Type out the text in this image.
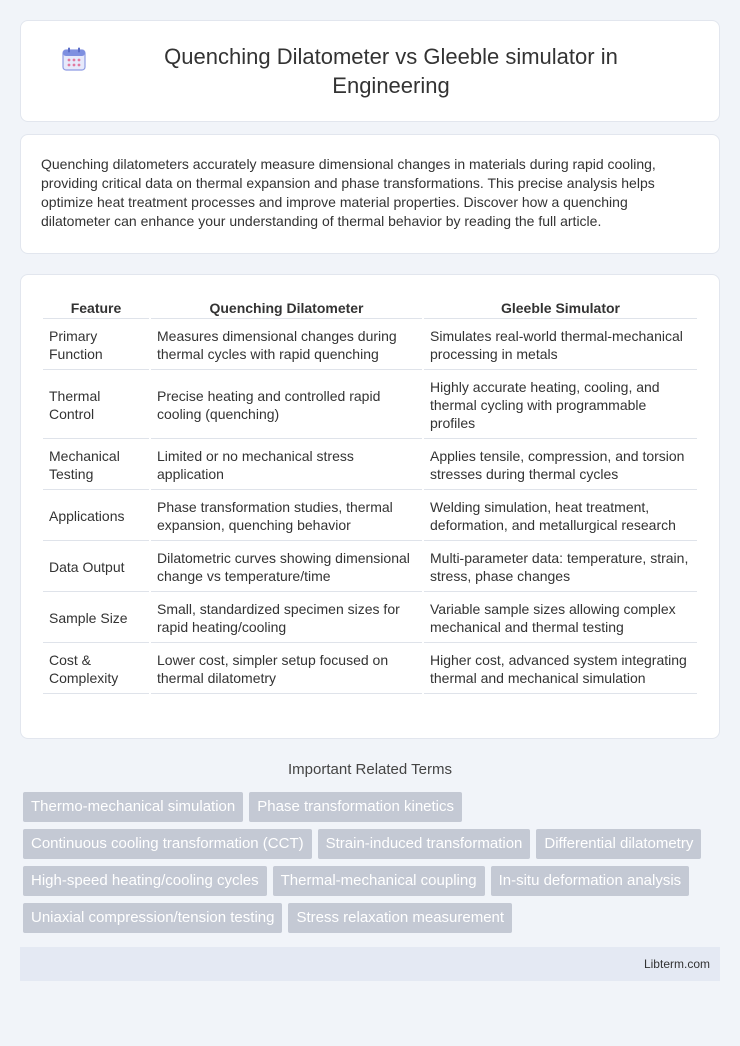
Quenching Dilatometer vs Gleeble simulator in Engineering

Quenching dilatometers accurately measure dimensional changes in materials during rapid cooling, providing critical data on thermal expansion and phase transformations. This precise analysis helps optimize heat treatment processes and improve material properties. Discover how a quenching dilatometer can enhance your understanding of thermal behavior by reading the full article.

Feature	Quenching Dilatometer	Gleeble Simulator
Primary Function	Measures dimensional changes during thermal cycles with rapid quenching	Simulates real-world thermal-mechanical processing in metals
Thermal Control	Precise heating and controlled rapid cooling (quenching)	Highly accurate heating, cooling, and thermal cycling with programmable profiles
Mechanical Testing	Limited or no mechanical stress application	Applies tensile, compression, and torsion stresses during thermal cycles
Applications	Phase transformation studies, thermal expansion, quenching behavior	Welding simulation, heat treatment, deformation, and metallurgical research
Data Output	Dilatometric curves showing dimensional change vs temperature/time	Multi-parameter data: temperature, strain, stress, phase changes
Sample Size	Small, standardized specimen sizes for rapid heating/cooling	Variable sample sizes allowing complex mechanical and thermal testing
Cost & Complexity	Lower cost, simpler setup focused on thermal dilatometry	Higher cost, advanced system integrating thermal and mechanical simulation
Important Related Terms
Thermo-mechanical simulation	Phase transformation kinetics
Continuous cooling transformation (CCT)	Strain-induced transformation	Differential dilatometry
High-speed heating/cooling cycles	Thermal-mechanical coupling	In-situ deformation analysis
Uniaxial compression/tension testing	Stress relaxation measurement
Libterm.com
